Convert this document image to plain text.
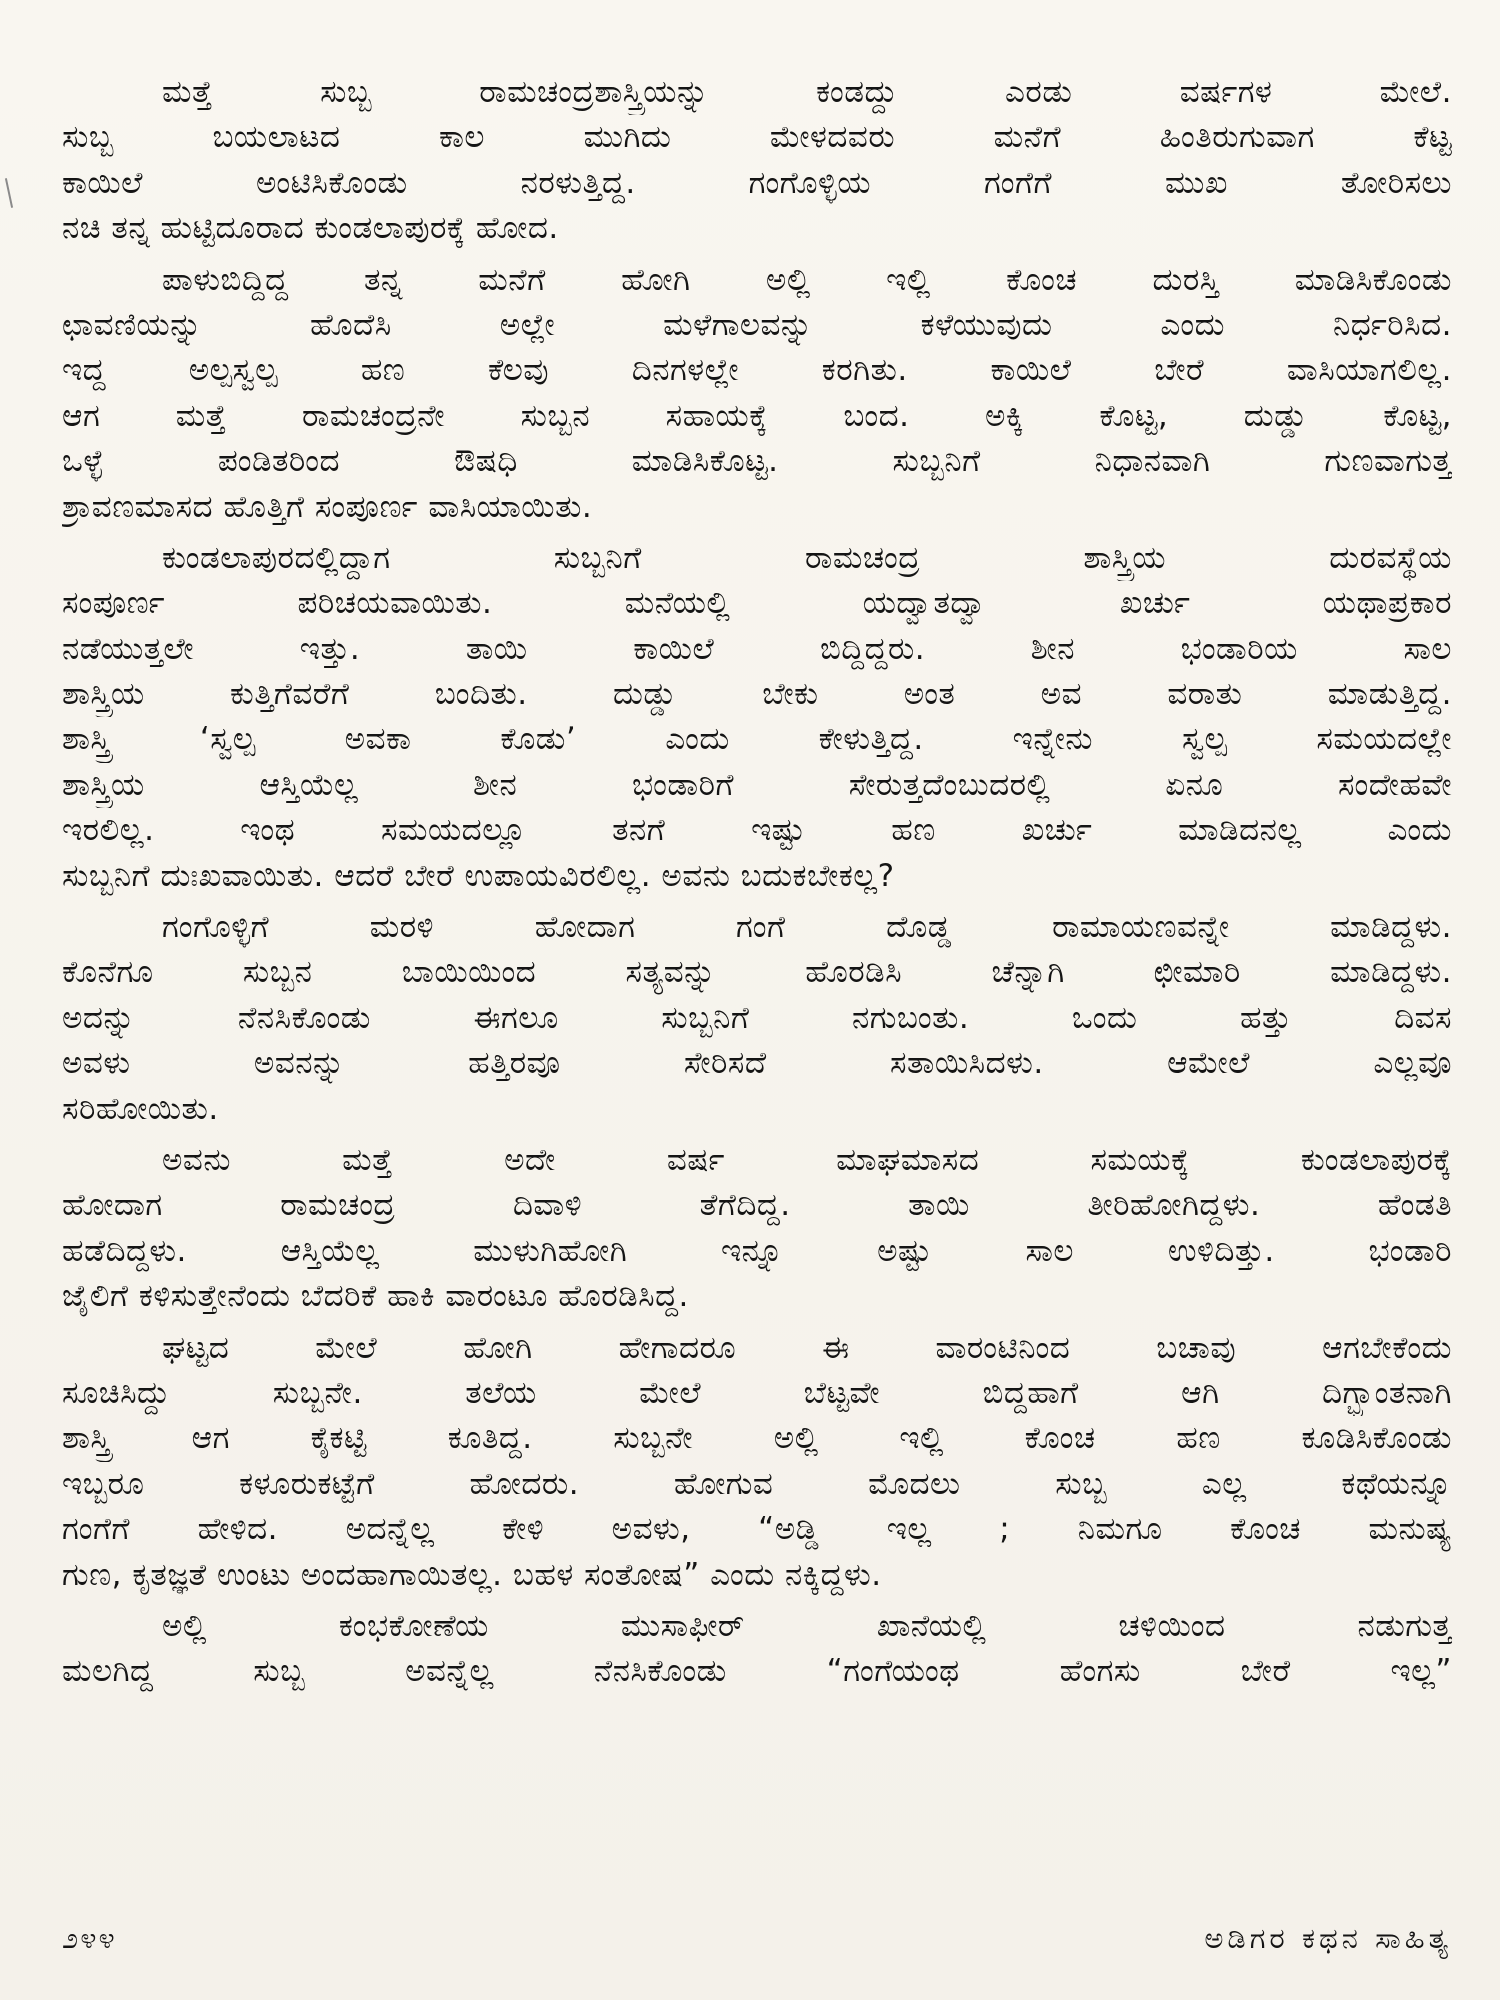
ಮತ್ತೆ ಸುಬ್ಬ ರಾಮಚಂದ್ರಶಾಸ್ತ್ರಿಯನ್ನು ಕಂಡದ್ದು ಎರಡು ವರ್ಷಗಳ ಮೇಲೆ.
ಸುಬ್ಬ ಬಯಲಾಟದ ಕಾಲ ಮುಗಿದು ಮೇಳದವರು ಮನೆಗೆ ಹಿಂತಿರುಗುವಾಗ ಕೆಟ್ಟ
ಕಾಯಿಲೆ ಅಂಟಿಸಿಕೊಂಡು ನರಳುತ್ತಿದ್ದ. ಗಂಗೊಳ್ಳಿಯ ಗಂಗೆಗೆ ಮುಖ ತೋರಿಸಲು
ನಚಿ ತನ್ನ ಹುಟ್ಟಿದೂರಾದ ಕುಂಡಲಾಪುರಕ್ಕೆ ಹೋದ.
ಪಾಳುಬಿದ್ದಿದ್ದ ತನ್ನ ಮನೆಗೆ ಹೋಗಿ ಅಲ್ಲಿ ಇಲ್ಲಿ ಕೊಂಚ ದುರಸ್ತಿ ಮಾಡಿಸಿಕೊಂಡು
ಛಾವಣಿಯನ್ನು ಹೊದೆಸಿ ಅಲ್ಲೇ ಮಳೆಗಾಲವನ್ನು ಕಳೆಯುವುದು ಎಂದು ನಿರ್ಧರಿಸಿದ.
ಇದ್ದ ಅಲ್ಪಸ್ವಲ್ಪ ಹಣ ಕೆಲವು ದಿನಗಳಲ್ಲೇ ಕರಗಿತು. ಕಾಯಿಲೆ ಬೇರೆ ವಾಸಿಯಾಗಲಿಲ್ಲ.
ಆಗ ಮತ್ತೆ ರಾಮಚಂದ್ರನೇ ಸುಬ್ಬನ ಸಹಾಯಕ್ಕೆ ಬಂದ. ಅಕ್ಕಿ ಕೊಟ್ಟ, ದುಡ್ಡು ಕೊಟ್ಟ,
ಒಳ್ಳೆ ಪಂಡಿತರಿಂದ ಔಷಧಿ ಮಾಡಿಸಿಕೊಟ್ಟ. ಸುಬ್ಬನಿಗೆ ನಿಧಾನವಾಗಿ ಗುಣವಾಗುತ್ತ
ಶ್ರಾವಣಮಾಸದ ಹೊತ್ತಿಗೆ ಸಂಪೂರ್ಣ ವಾಸಿಯಾಯಿತು.
ಕುಂಡಲಾಪುರದಲ್ಲಿದ್ದಾಗ ಸುಬ್ಬನಿಗೆ ರಾಮಚಂದ್ರ ಶಾಸ್ತ್ರಿಯ ದುರವಸ್ಥೆಯ
ಸಂಪೂರ್ಣ ಪರಿಚಯವಾಯಿತು. ಮನೆಯಲ್ಲಿ ಯದ್ವಾತದ್ವಾ ಖರ್ಚು ಯಥಾಪ್ರಕಾರ
ನಡೆಯುತ್ತಲೇ ಇತ್ತು. ತಾಯಿ ಕಾಯಿಲೆ ಬಿದ್ದಿದ್ದರು. ಶೀನ ಭಂಡಾರಿಯ ಸಾಲ
ಶಾಸ್ತ್ರಿಯ ಕುತ್ತಿಗೆವರೆಗೆ ಬಂದಿತು. ದುಡ್ಡು ಬೇಕು ಅಂತ ಅವ ವರಾತು ಮಾಡುತ್ತಿದ್ದ.
ಶಾಸ್ತ್ರಿ ‘ಸ್ವಲ್ಪ ಅವಕಾ ಕೊಡು’ ಎಂದು ಕೇಳುತ್ತಿದ್ದ. ಇನ್ನೇನು ಸ್ವಲ್ಪ ಸಮಯದಲ್ಲೇ
ಶಾಸ್ತ್ರಿಯ ಆಸ್ತಿಯೆಲ್ಲ ಶೀನ ಭಂಡಾರಿಗೆ ಸೇರುತ್ತದೆಂಬುದರಲ್ಲಿ ಏನೂ ಸಂದೇಹವೇ
ಇರಲಿಲ್ಲ. ಇಂಥ ಸಮಯದಲ್ಲೂ ತನಗೆ ಇಷ್ಟು ಹಣ ಖರ್ಚು ಮಾಡಿದನಲ್ಲ ಎಂದು
ಸುಬ್ಬನಿಗೆ ದುಃಖವಾಯಿತು. ಆದರೆ ಬೇರೆ ಉಪಾಯವಿರಲಿಲ್ಲ. ಅವನು ಬದುಕಬೇಕಲ್ಲ?
ಗಂಗೊಳ್ಳಿಗೆ ಮರಳಿ ಹೋದಾಗ ಗಂಗೆ ದೊಡ್ಡ ರಾಮಾಯಣವನ್ನೇ ಮಾಡಿದ್ದಳು.
ಕೊನೆಗೂ ಸುಬ್ಬನ ಬಾಯಿಯಿಂದ ಸತ್ಯವನ್ನು ಹೊರಡಿಸಿ ಚೆನ್ನಾಗಿ ಛೀಮಾರಿ ಮಾಡಿದ್ದಳು.
ಅದನ್ನು ನೆನಸಿಕೊಂಡು ಈಗಲೂ ಸುಬ್ಬನಿಗೆ ನಗುಬಂತು. ಒಂದು ಹತ್ತು ದಿವಸ
ಅವಳು ಅವನನ್ನು ಹತ್ತಿರವೂ ಸೇರಿಸದೆ ಸತಾಯಿಸಿದಳು. ಆಮೇಲೆ ಎಲ್ಲವೂ
ಸರಿಹೋಯಿತು.
ಅವನು ಮತ್ತೆ ಅದೇ ವರ್ಷ ಮಾಘಮಾಸದ ಸಮಯಕ್ಕೆ ಕುಂಡಲಾಪುರಕ್ಕೆ
ಹೋದಾಗ ರಾಮಚಂದ್ರ ದಿವಾಳಿ ತೆಗೆದಿದ್ದ. ತಾಯಿ ತೀರಿಹೋಗಿದ್ದಳು. ಹೆಂಡತಿ
ಹಡೆದಿದ್ದಳು. ಆಸ್ತಿಯೆಲ್ಲ ಮುಳುಗಿಹೋಗಿ ಇನ್ನೂ ಅಷ್ಟು ಸಾಲ ಉಳಿದಿತ್ತು. ಭಂಡಾರಿ
ಜೈಲಿಗೆ ಕಳಿಸುತ್ತೇನೆಂದು ಬೆದರಿಕೆ ಹಾಕಿ ವಾರಂಟೂ ಹೊರಡಿಸಿದ್ದ.
ಘಟ್ಟದ ಮೇಲೆ ಹೋಗಿ ಹೇಗಾದರೂ ಈ ವಾರಂಟಿನಿಂದ ಬಚಾವು ಆಗಬೇಕೆಂದು
ಸೂಚಿಸಿದ್ದು ಸುಬ್ಬನೇ. ತಲೆಯ ಮೇಲೆ ಬೆಟ್ಟವೇ ಬಿದ್ದಹಾಗೆ ಆಗಿ ದಿಗ್ಭ್ರಾಂತನಾಗಿ
ಶಾಸ್ತ್ರಿ ಆಗ ಕೈಕಟ್ಟಿ ಕೂತಿದ್ದ. ಸುಬ್ಬನೇ ಅಲ್ಲಿ ಇಲ್ಲಿ ಕೊಂಚ ಹಣ ಕೂಡಿಸಿಕೊಂಡು
ಇಬ್ಬರೂ ಕಳೂರುಕಟ್ಟೆಗೆ ಹೋದರು. ಹೋಗುವ ಮೊದಲು ಸುಬ್ಬ ಎಲ್ಲ ಕಥೆಯನ್ನೂ
ಗಂಗೆಗೆ ಹೇಳಿದ. ಅದನ್ನೆಲ್ಲ ಕೇಳಿ ಅವಳು, “ಅಡ್ಡಿ ಇಲ್ಲ ; ನಿಮಗೂ ಕೊಂಚ ಮನುಷ್ಯ
ಗುಣ, ಕೃತಜ್ಞತೆ ಉಂಟು ಅಂದಹಾಗಾಯಿತಲ್ಲ. ಬಹಳ ಸಂತೋಷ” ಎಂದು ನಕ್ಕಿದ್ದಳು.
ಅಲ್ಲಿ ಕಂಭಕೋಣೆಯ ಮುಸಾಫೀರ್ ಖಾನೆಯಲ್ಲಿ ಚಳಿಯಿಂದ ನಡುಗುತ್ತ
ಮಲಗಿದ್ದ ಸುಬ್ಬ ಅವನ್ನೆಲ್ಲ ನೆನಸಿಕೊಂಡು “ಗಂಗೆಯಂಥ ಹೆಂಗಸು ಬೇರೆ ಇಲ್ಲ”
೨೪೪	ಅಡಿಗರ ಕಥನ ಸಾಹಿತ್ಯ
